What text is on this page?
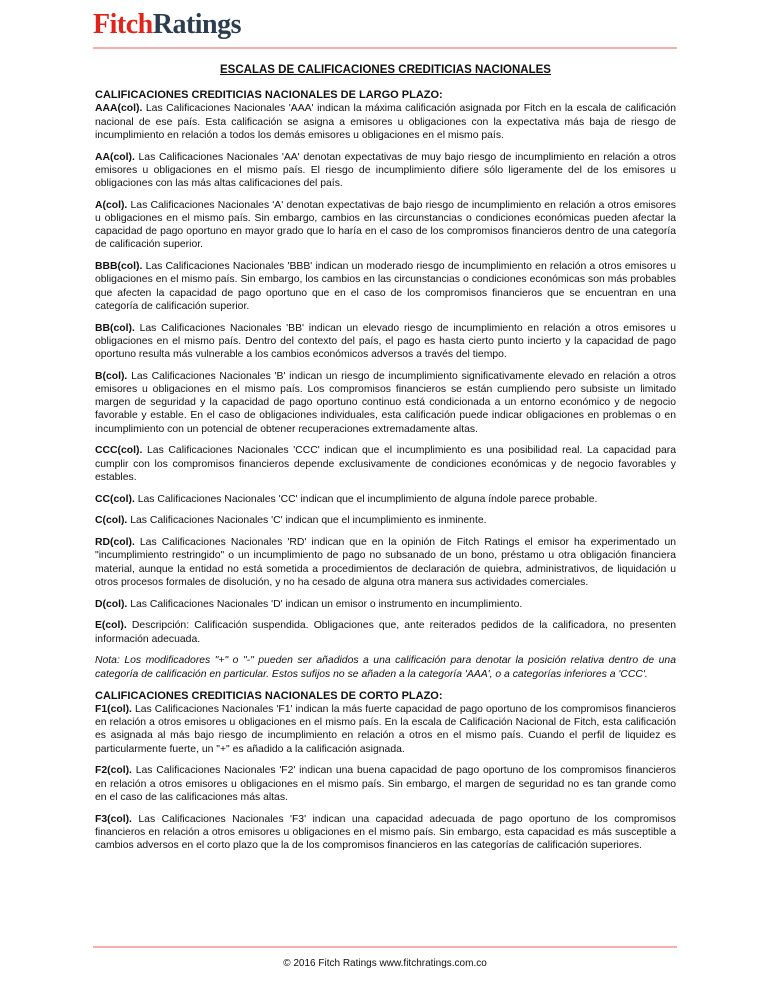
FitchRatings
ESCALAS DE CALIFICACIONES CREDITICIAS NACIONALES
CALIFICACIONES CREDITICIAS NACIONALES DE LARGO PLAZO:

AAA(col). Las Calificaciones Nacionales 'AAA' indican la máxima calificación asignada por Fitch en la escala de calificación nacional de ese país. Esta calificación se asigna a emisores u obligaciones con la expectativa más baja de riesgo de incumplimiento en relación a todos los demás emisores u obligaciones en el mismo país.

AA(col). Las Calificaciones Nacionales 'AA' denotan expectativas de muy bajo riesgo de incumplimiento en relación a otros emisores u obligaciones en el mismo país. El riesgo de incumplimiento difiere sólo ligeramente del de los emisores u obligaciones con las más altas calificaciones del país.

A(col). Las Calificaciones Nacionales 'A' denotan expectativas de bajo riesgo de incumplimiento en relación a otros emisores u obligaciones en el mismo país. Sin embargo, cambios en las circunstancias o condiciones económicas pueden afectar la capacidad de pago oportuno en mayor grado que lo haría en el caso de los compromisos financieros dentro de una categoría de calificación superior.

BBB(col). Las Calificaciones Nacionales 'BBB' indican un moderado riesgo de incumplimiento en relación a otros emisores u obligaciones en el mismo país. Sin embargo, los cambios en las circunstancias o condiciones económicas son más probables que afecten la capacidad de pago oportuno que en el caso de los compromisos financieros que se encuentran en una categoría de calificación superior.

BB(col). Las Calificaciones Nacionales 'BB' indican un elevado riesgo de incumplimiento en relación a otros emisores u obligaciones en el mismo país. Dentro del contexto del país, el pago es hasta cierto punto incierto y la capacidad de pago oportuno resulta más vulnerable a los cambios económicos adversos a través del tiempo.

B(col). Las Calificaciones Nacionales 'B' indican un riesgo de incumplimiento significativamente elevado en relación a otros emisores u obligaciones en el mismo país. Los compromisos financieros se están cumpliendo pero subsiste un limitado margen de seguridad y la capacidad de pago oportuno continuo está condicionada a un entorno económico y de negocio favorable y estable. En el caso de obligaciones individuales, esta calificación puede indicar obligaciones en problemas o en incumplimiento con un potencial de obtener recuperaciones extremadamente altas.

CCC(col). Las Calificaciones Nacionales 'CCC' indican que el incumplimiento es una posibilidad real. La capacidad para cumplir con los compromisos financieros depende exclusivamente de condiciones económicas y de negocio favorables y estables.

CC(col). Las Calificaciones Nacionales 'CC' indican que el incumplimiento de alguna índole parece probable.

C(col). Las Calificaciones Nacionales 'C' indican que el incumplimiento es inminente.

RD(col). Las Calificaciones Nacionales 'RD' indican que en la opinión de Fitch Ratings el emisor ha experimentado un "incumplimiento restringido" o un incumplimiento de pago no subsanado de un bono, préstamo u otra obligación financiera material, aunque la entidad no está sometida a procedimientos de declaración de quiebra, administrativos, de liquidación u otros procesos formales de disolución, y no ha cesado de alguna otra manera sus actividades comerciales.

D(col). Las Calificaciones Nacionales 'D' indican un emisor o instrumento en incumplimiento.

E(col). Descripción: Calificación suspendida. Obligaciones que, ante reiterados pedidos de la calificadora, no presenten información adecuada.

Nota: Los modificadores "+" o "-" pueden ser añadidos a una calificación para denotar la posición relativa dentro de una categoría de calificación en particular. Estos sufijos no se añaden a la categoría 'AAA', o a categorías inferiores a 'CCC'.

CALIFICACIONES CREDITICIAS NACIONALES DE CORTO PLAZO:

F1(col). Las Calificaciones Nacionales 'F1' indican la más fuerte capacidad de pago oportuno de los compromisos financieros en relación a otros emisores u obligaciones en el mismo país. En la escala de Calificación Nacional de Fitch, esta calificación es asignada al más bajo riesgo de incumplimiento en relación a otros en el mismo país. Cuando el perfil de liquidez es particularmente fuerte, un "+" es añadido a la calificación asignada.

F2(col). Las Calificaciones Nacionales 'F2' indican una buena capacidad de pago oportuno de los compromisos financieros en relación a otros emisores u obligaciones en el mismo país. Sin embargo, el margen de seguridad no es tan grande como en el caso de las calificaciones más altas.

F3(col). Las Calificaciones Nacionales 'F3' indican una capacidad adecuada de pago oportuno de los compromisos financieros en relación a otros emisores u obligaciones en el mismo país. Sin embargo, esta capacidad es más susceptible a cambios adversos en el corto plazo que la de los compromisos financieros en las categorías de calificación superiores.

© 2016 Fitch Ratings www.fitchratings.com.co
